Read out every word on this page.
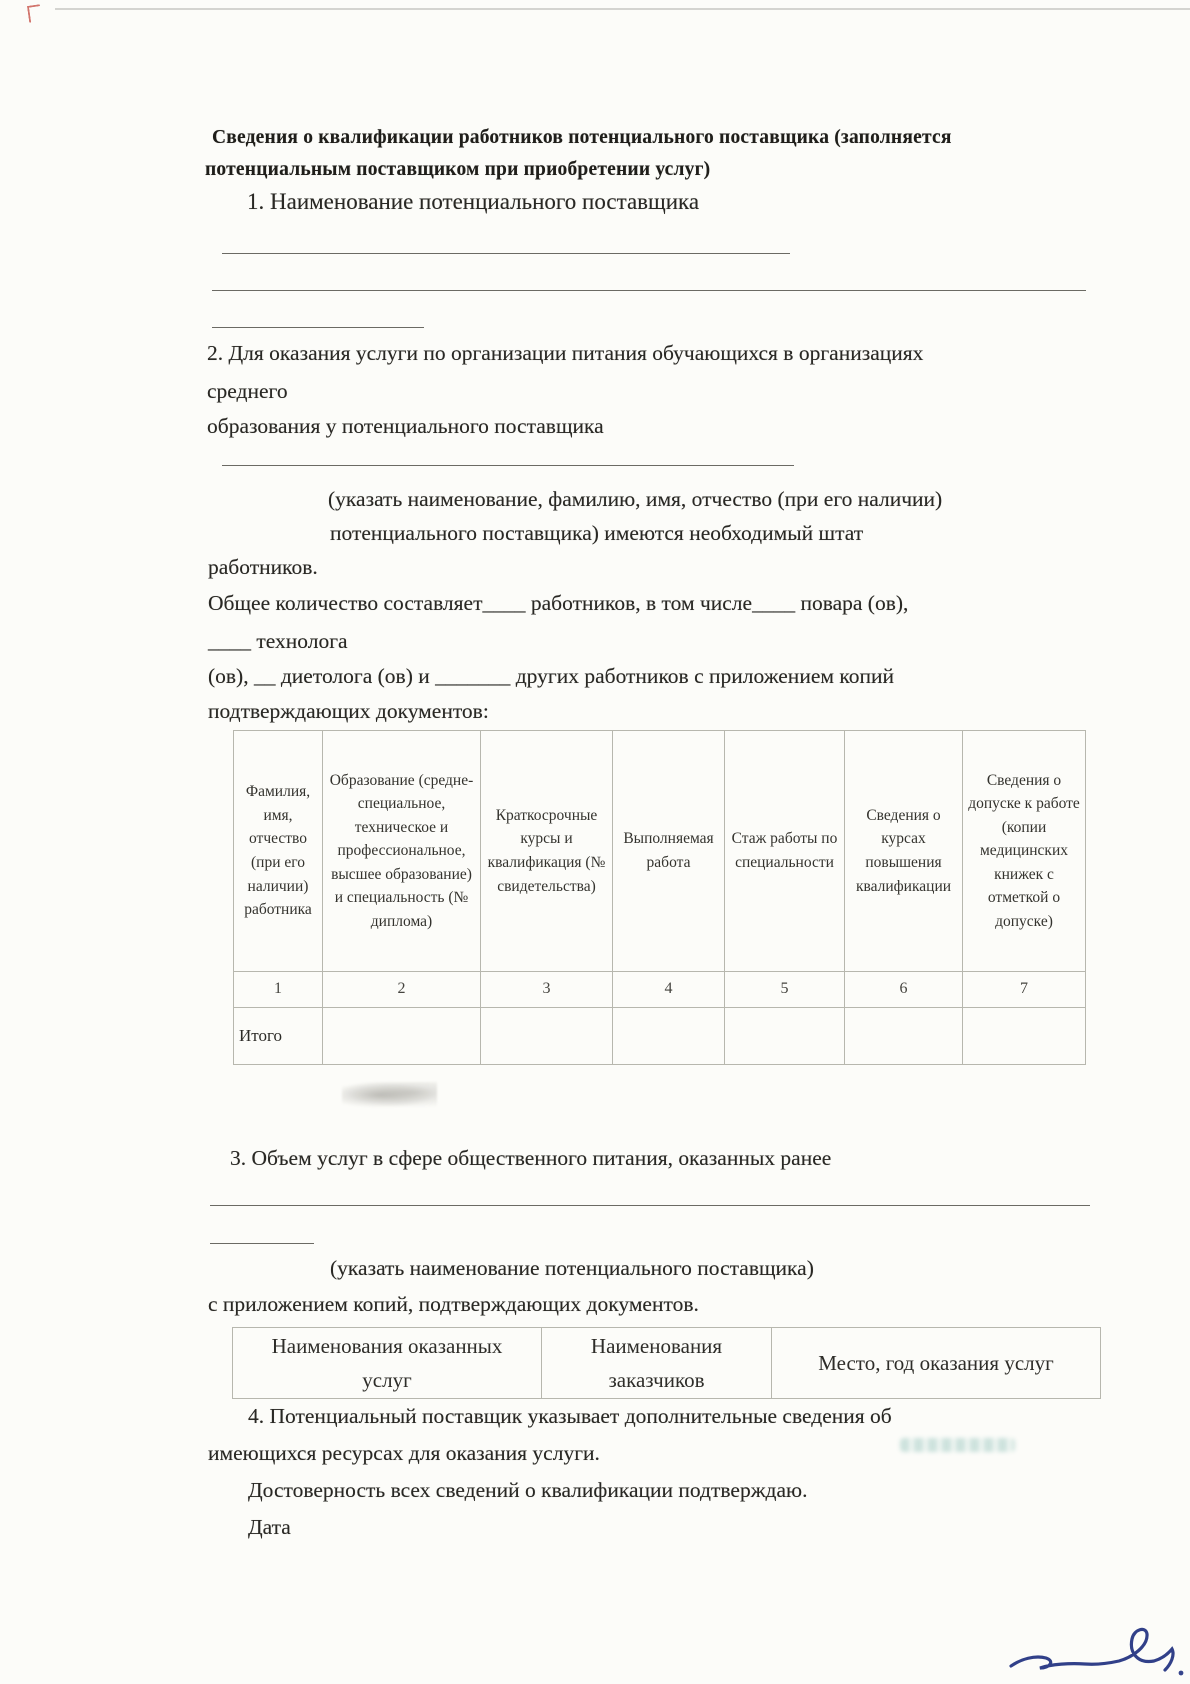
Сведения о квалификации работников потенциального поставщика (заполняется
потенциальным поставщиком при приобретении услуг)
1. Наименование потенциального поставщика
2. Для оказания услуги по организации питания обучающихся в организациях
среднего
образования у потенциального поставщика
(указать наименование, фамилию, имя, отчество (при его наличии)
потенциального поставщика) имеются необходимый штат
работников.
Общее количество составляет____ работников, в том числе____ повара (ов),
____ технолога
(ов), __ диетолога (ов) и _______ других работников с приложением копий
подтверждающих документов:
Фамилия, имя, отчество (при его наличии) работника	Образование (средне-специальное, техническое и профессиональное, высшее образование) и специальность (№ диплома)	Краткосрочные курсы и квалификация (№ свидетельства)	Выполняемая работа	Стаж работы по специальности	Сведения о курсах повышения квалификации	Сведения о допуске к работе (копии медицинских книжек с отметкой о допуске)
1	2	3	4	5	6	7
Итого						
3. Объем услуг в сфере общественного питания, оказанных ранее
(указать наименование потенциального поставщика)
с приложением копий, подтверждающих документов.
Наименования оказанных услуг	Наименования заказчиков	Место, год оказания услуг
4. Потенциальный поставщик указывает дополнительные сведения об
имеющихся ресурсах для оказания услуги.
Достоверность всех сведений о квалификации подтверждаю.
Дата
